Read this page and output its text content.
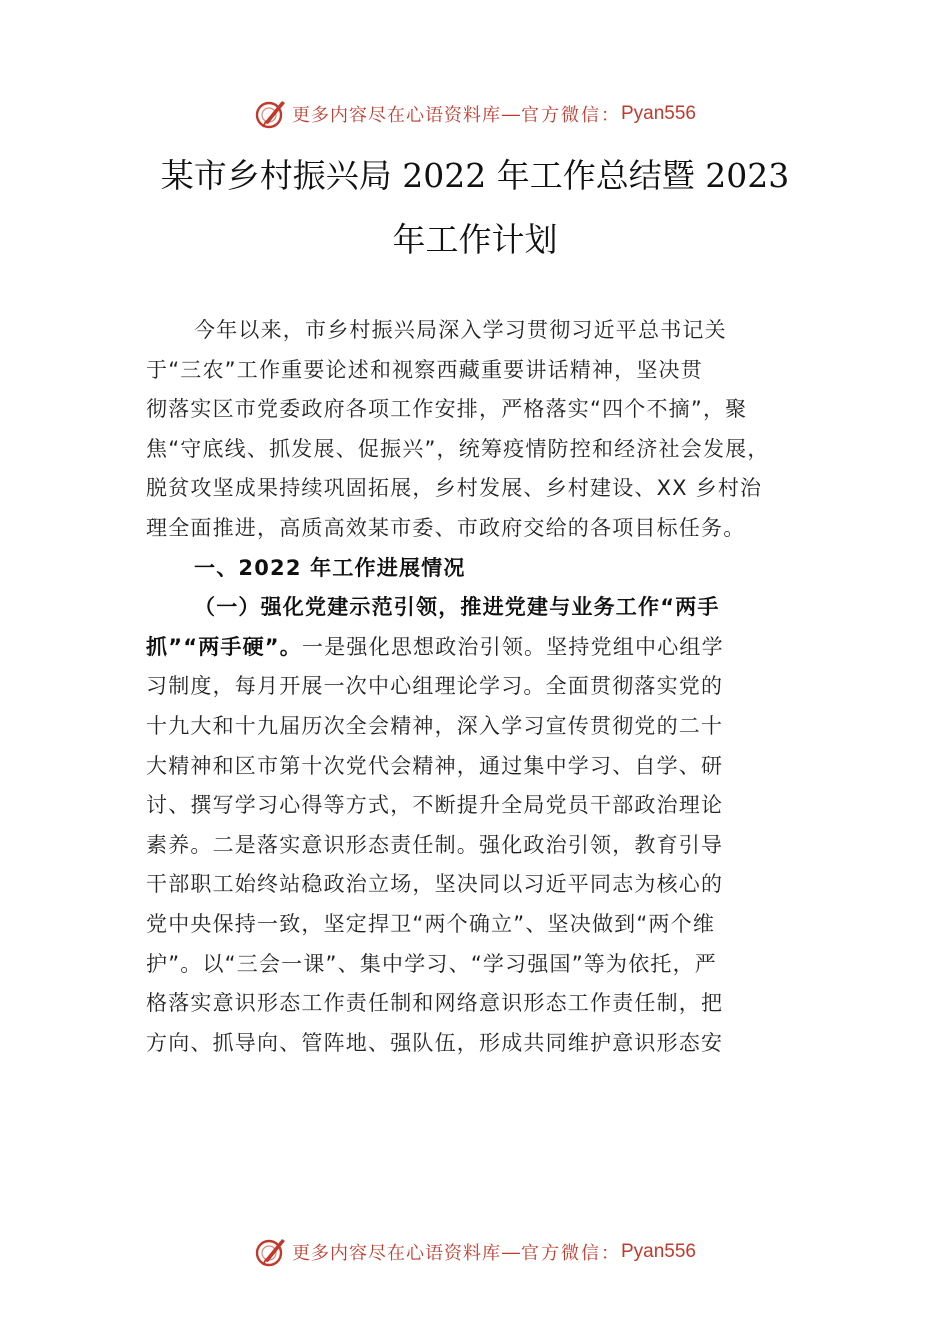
更多内容尽在心语资料库 — 官方微信： Pyan556
某市乡村振兴局 2022 年工作总结暨 2023
年工作计划
今年以来，市乡村振兴局深入学习贯彻习近平总书记关
于“三农”工作重要论述和视察西藏重要讲话精神，坚决贯
彻落实区市党委政府各项工作安排，严格落实“四个不摘”，聚
焦“守底线、抓发展、促振兴”，统筹疫情防控和经济社会发展，
脱贫攻坚成果持续巩固拓展，乡村发展、乡村建设、XX 乡村治
理全面推进，高质高效某市委、市政府交给的各项目标任务。
一、2022 年工作进展情况
（一）强化党建示范引领，推进党建与业务工作“两手
抓”“两手硬”。一是强化思想政治引领。坚持党组中心组学
习制度，每月开展一次中心组理论学习。全面贯彻落实党的
十九大和十九届历次全会精神，深入学习宣传贯彻党的二十
大精神和区市第十次党代会精神，通过集中学习、自学、研
讨、撰写学习心得等方式，不断提升全局党员干部政治理论
素养。二是落实意识形态责任制。强化政治引领，教育引导
干部职工始终站稳政治立场，坚决同以习近平同志为核心的
党中央保持一致，坚定捍卫“两个确立”、坚决做到“两个维
护”。以“三会一课”、集中学习、“学习强国”等为依托，严
格落实意识形态工作责任制和网络意识形态工作责任制，把
方向、抓导向、管阵地、强队伍，形成共同维护意识形态安
更多内容尽在心语资料库 — 官方微信： Pyan556
